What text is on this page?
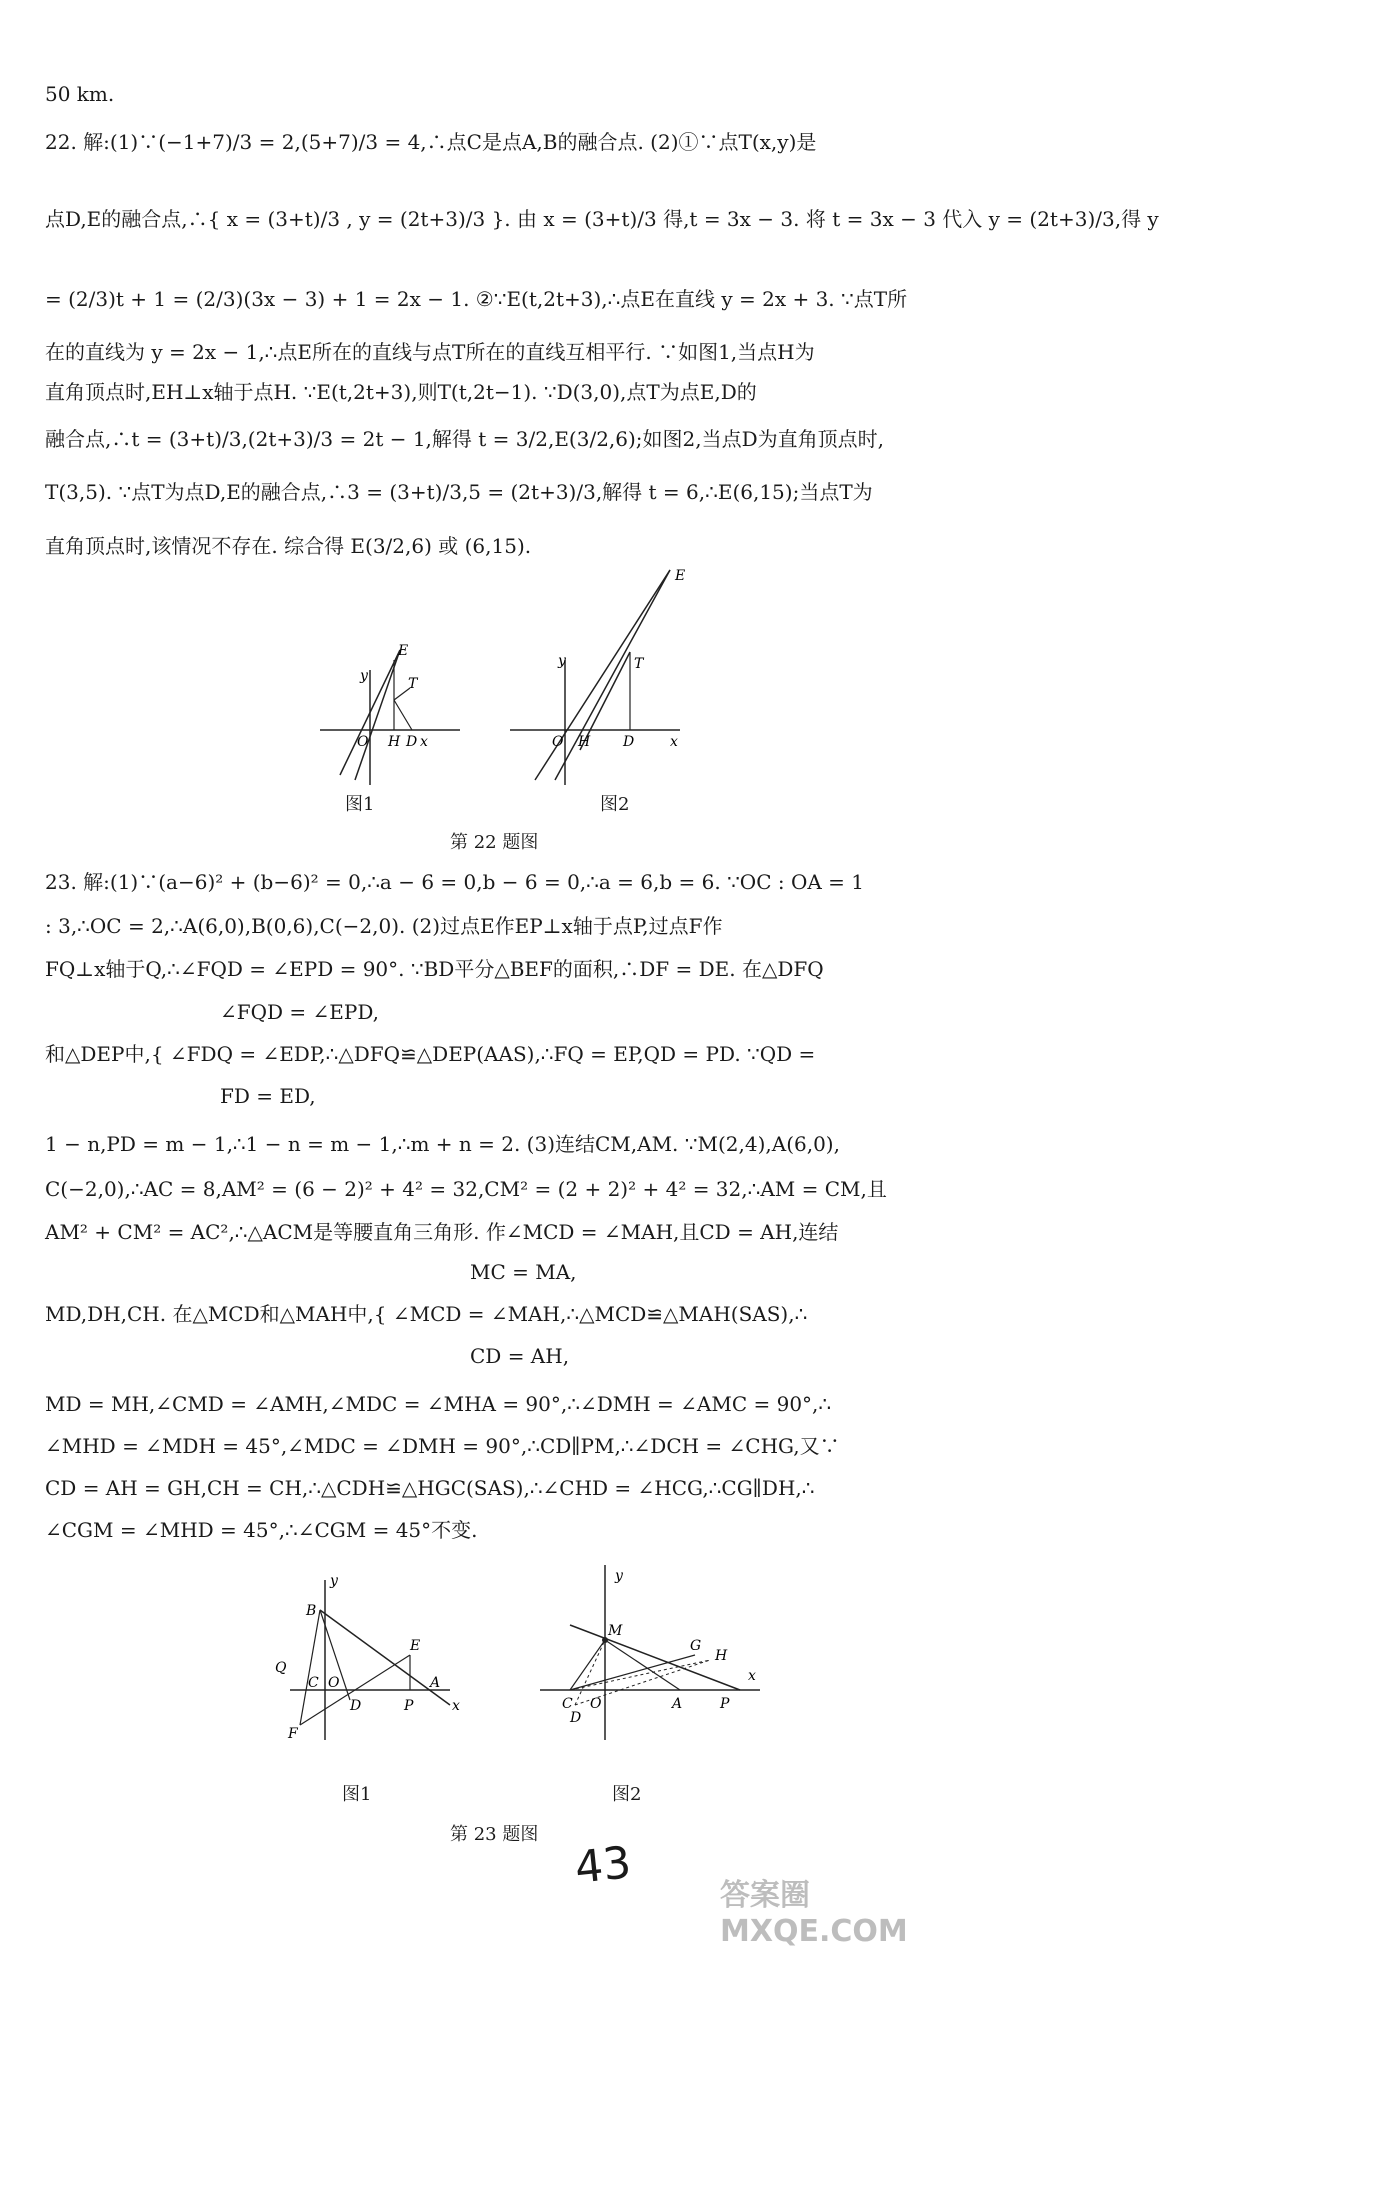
50 km.
22. 解:(1)∵(−1+7)/3 = 2,(5+7)/3 = 4,∴点C是点A,B的融合点. (2)①∵点T(x,y)是
点D,E的融合点,∴{ x = (3+t)/3 , y = (2t+3)/3 }. 由 x = (3+t)/3 得,t = 3x − 3. 将 t = 3x − 3 代入 y = (2t+3)/3,得 y
= (2/3)t + 1 = (2/3)(3x − 3) + 1 = 2x − 1. ②∵E(t,2t+3),∴点E在直线 y = 2x + 3. ∵点T所
在的直线为 y = 2x − 1,∴点E所在的直线与点T所在的直线互相平行. ∵如图1,当点H为
直角顶点时,EH⊥x轴于点H. ∵E(t,2t+3),则T(t,2t−1). ∵D(3,0),点T为点E,D的
融合点,∴t = (3+t)/3,(2t+3)/3 = 2t − 1,解得 t = 3/2,E(3/2,6);如图2,当点D为直角顶点时,
T(3,5). ∵点T为点D,E的融合点,∴3 = (3+t)/3,5 = (2t+3)/3,解得 t = 6,∴E(6,15);当点T为
直角顶点时,该情况不存在. 综合得 E(3/2,6) 或 (6,15).
y
E
T
O H D x
E
y	T
O H D	x
图1	图2
第 22 题图
23. 解:(1)∵(a−6)² + (b−6)² = 0,∴a − 6 = 0,b − 6 = 0,∴a = 6,b = 6. ∵OC : OA = 1
: 3,∴OC = 2,∴A(6,0),B(0,6),C(−2,0). (2)过点E作EP⊥x轴于点P,过点F作
FQ⊥x轴于Q,∴∠FQD = ∠EPD = 90°. ∵BD平分△BEF的面积,∴DF = DE. 在△DFQ
∠FQD = ∠EPD,
和△DEP中,{ ∠FDQ = ∠EDP,∴△DFQ≌△DEP(AAS),∴FQ = EP,QD = PD. ∵QD =
FD = ED,
1 − n,PD = m − 1,∴1 − n = m − 1,∴m + n = 2. (3)连结CM,AM. ∵M(2,4),A(6,0),
C(−2,0),∴AC = 8,AM² = (6 − 2)² + 4² = 32,CM² = (2 + 2)² + 4² = 32,∴AM = CM,且
AM² + CM² = AC²,∴△ACM是等腰直角三角形. 作∠MCD = ∠MAH,且CD = AH,连结
MC = MA,
MD,DH,CH. 在△MCD和△MAH中,{ ∠MCD = ∠MAH,∴△MCD≌△MAH(SAS),∴
CD = AH,
MD = MH,∠CMD = ∠AMH,∠MDC = ∠MHA = 90°,∴∠DMH = ∠AMC = 90°,∴
∠MHD = ∠MDH = 45°,∠MDC = ∠DMH = 90°,∴CD∥PM,∴∠DCH = ∠CHG,又∵
CD = AH = GH,CH = CH,∴△CDH≌△HGC(SAS),∴∠CHD = ∠HCG,∴CG∥DH,∴
∠CGM = ∠MHD = 45°,∴∠CGM = 45°不变.
y
B
Q
C O
E
D	P
A
F
x
y
M
G
H
C O	A	P
D
x
图1	图2
第 23 题图
43
答案圈 MXQE.COM
